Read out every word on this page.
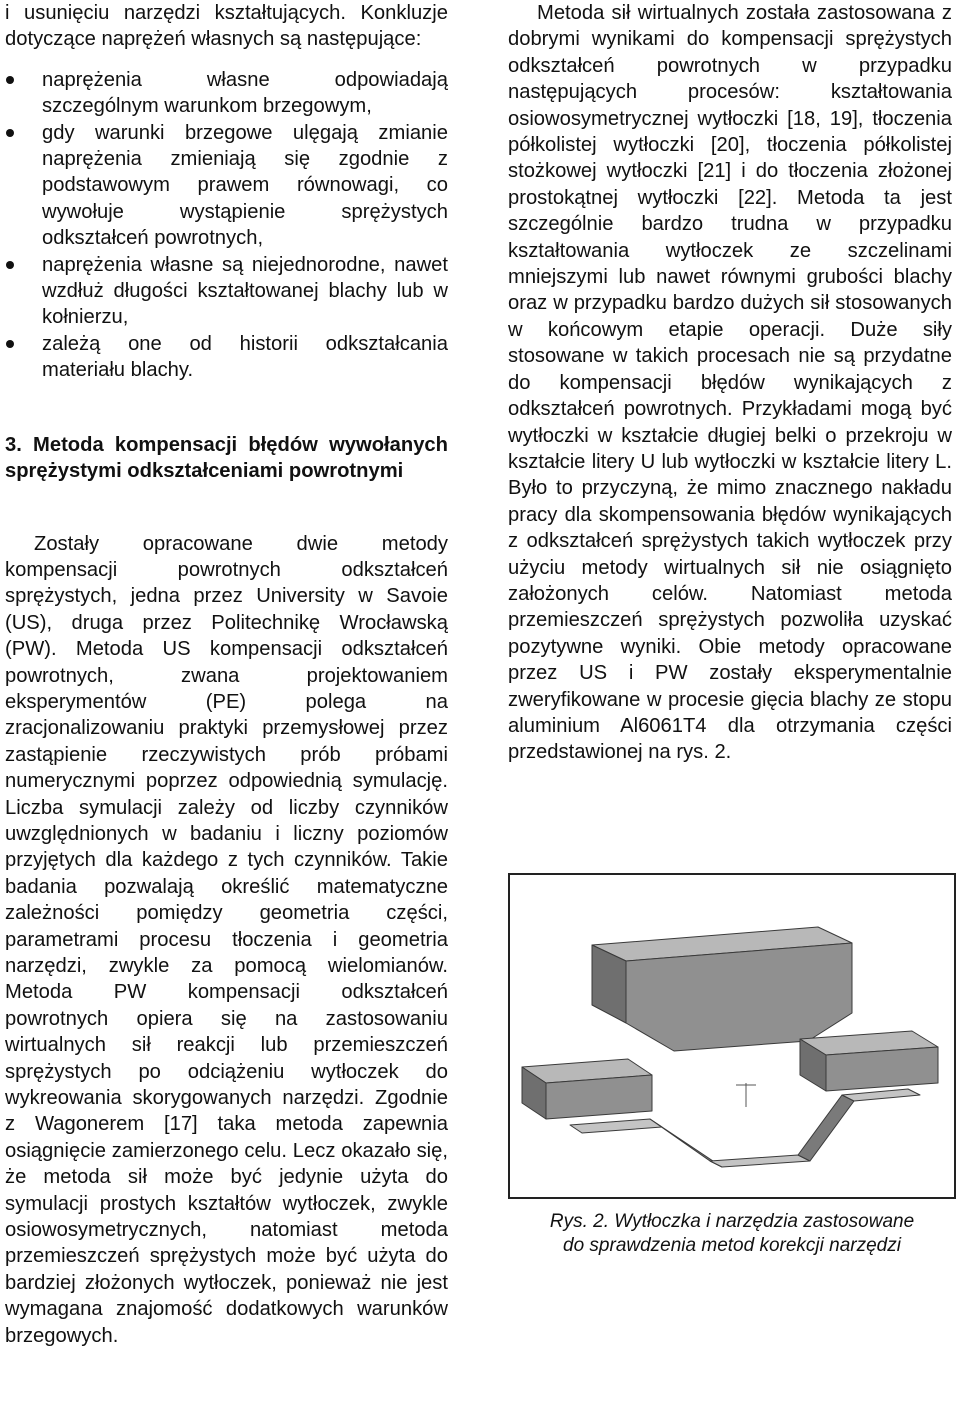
i usunięciu narzędzi kształtujących. Konkluzje dotyczące naprężeń własnych są następujące:

naprężenia własne odpowiadają szczególnym warunkom brzegowym,
gdy warunki brzegowe ulęgają zmianie naprężenia zmieniają się zgodnie z podstawowym prawem równowagi, co wywołuje wystąpienie sprężystych odkształceń powrotnych,
naprężenia własne są niejednorodne, nawet wzdłuż długości kształtowanej blachy lub w kołnierzu,
zależą one od historii odkształcania materiału blachy.

3. Metoda kompensacji błędów wywołanych sprężystymi odkształceniami powrotnymi

Zostały opracowane dwie metody kompensacji powrotnych odkształceń sprężystych, jedna przez University w Savoie (US), druga przez Politechnikę Wrocławską (PW). Metoda US kompensacji odkształceń powrotnych, zwana projektowaniem eksperymentów (PE) polega na zracjonalizowaniu praktyki przemysłowej przez zastąpienie rzeczywistych prób próbami numerycznymi poprzez odpowiednią symulację. Liczba symulacji zależy od liczby czynników uwzględnionych w badaniu i liczny poziomów przyjętych dla każdego z tych czynników. Takie badania pozwalają określić matematyczne zależności pomiędzy geometria części, parametrami procesu tłoczenia i geometria narzędzi, zwykle za pomocą wielomianów. Metoda PW kompensacji odkształceń powrotnych opiera się na zastosowaniu wirtualnych sił reakcji lub przemieszczeń sprężystych po odciążeniu wytłoczek do wykreowania skorygowanych narzędzi. Zgodnie z Wagonerem [17] taka metoda zapewnia osiągnięcie zamierzonego celu. Lecz okazało się, że metoda sił może być jedynie użyta do symulacji prostych kształtów wytłoczek, zwykle osiowosymetrycznych, natomiast metoda przemieszczeń sprężystych może być użyta do bardziej złożonych wytłoczek, ponieważ nie jest wymagana znajomość dodatkowych warunków brzegowych.

Metoda sił wirtualnych została zastosowana z dobrymi wynikami do kompensacji sprężystych odkształceń powrotnych w przypadku następujących procesów: kształtowania osiowosymetrycznej wytłoczki [18, 19], tłoczenia półkolistej wytłoczki [20], tłoczenia półkolistej stożkowej wytłoczki [21] i do tłoczenia złożonej prostokątnej wytłoczki [22]. Metoda ta jest szczególnie bardzo trudna w przypadku kształtowania wytłoczek ze szczelinami mniejszymi lub nawet równymi grubości blachy oraz w przypadku bardzo dużych sił stosowanych w końcowym etapie operacji. Duże siły stosowane w takich procesach nie są przydatne do kompensacji błędów wynikających z odkształceń powrotnych. Przykładami mogą być wytłoczki w kształcie długiej belki o przekroju w kształcie litery U lub wytłoczki w kształcie litery L. Było to przyczyną, że mimo znacznego nakładu pracy dla skompensowania błędów wynikających z odkształceń sprężystych takich wytłoczek przy użyciu metody wirtualnych sił nie osiągnięto założonych celów. Natomiast metoda przemieszczeń sprężystych pozwoliła uzyskać pozytywne wyniki. Obie metody opracowane przez US i PW zostały eksperymentalnie zweryfikowane w procesie gięcia blachy ze stopu aluminium Al6061T4 dla otrzymania części przedstawionej na rys. 2.

Rys. 2. Wytłoczka i narzędzia zastosowane
do sprawdzenia metod korekcji narzędzi
